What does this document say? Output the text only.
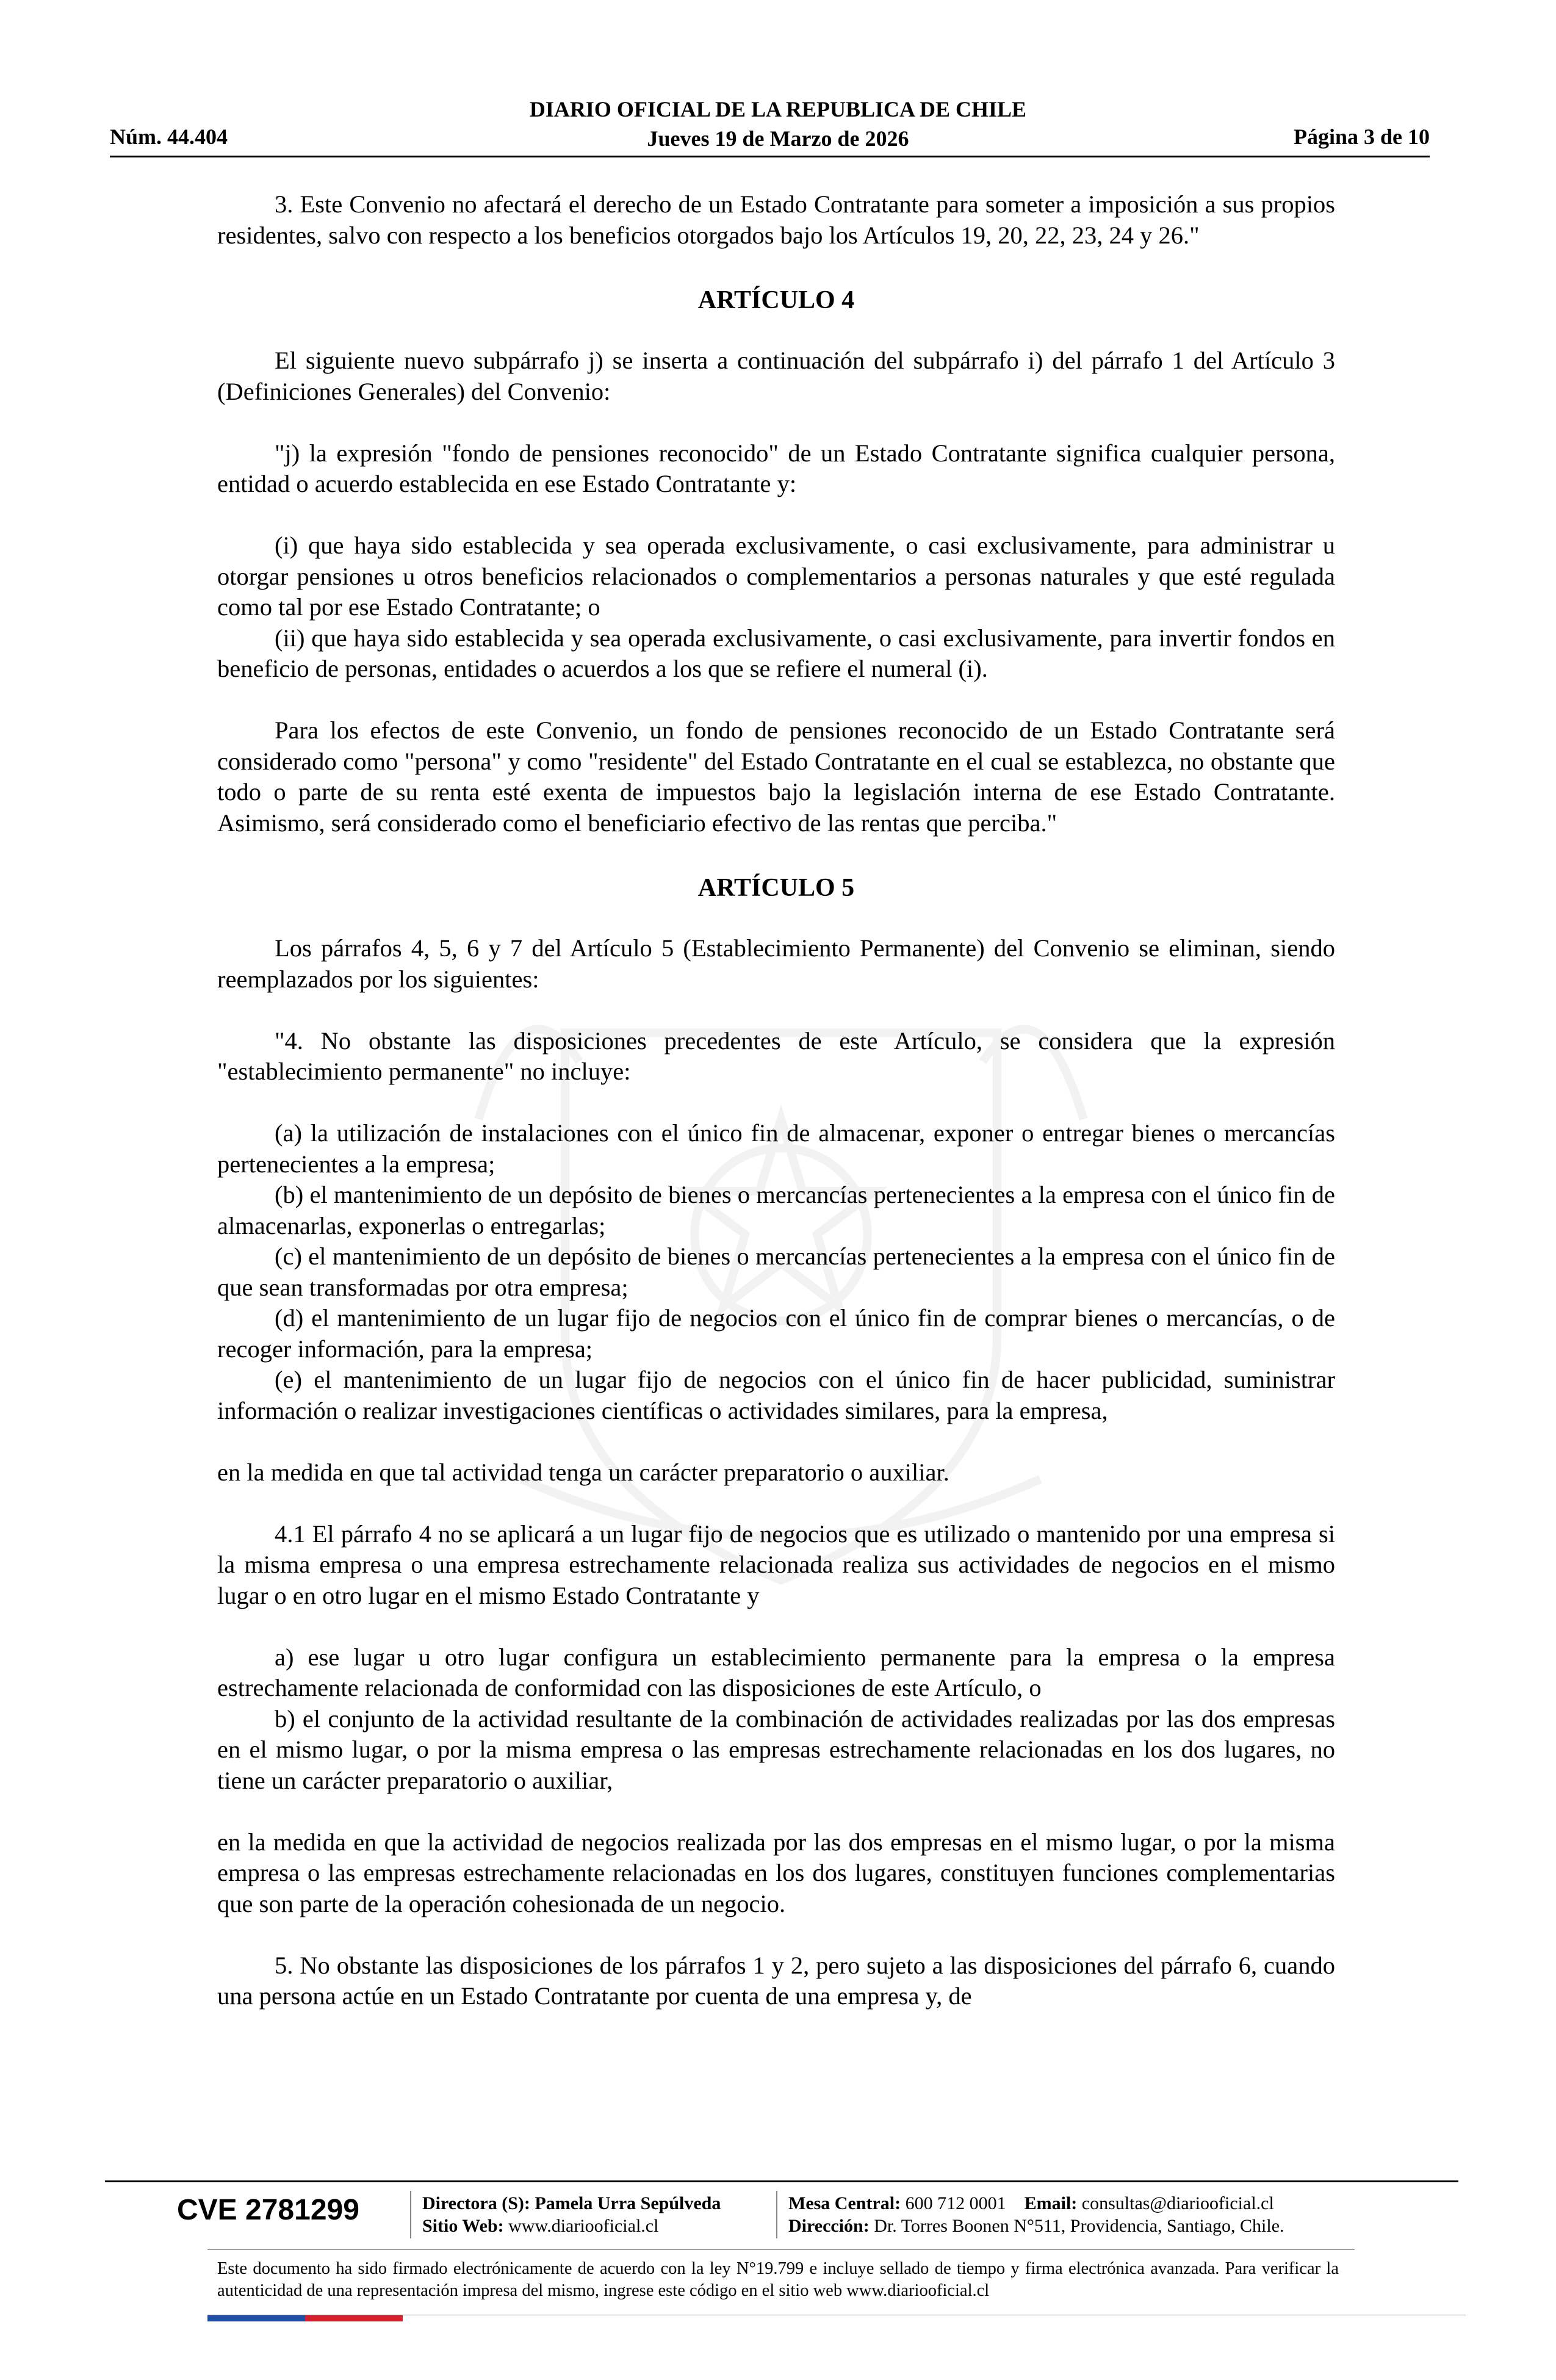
DIARIO OFICIAL DE LA REPUBLICA DE CHILE
Jueves 19 de Marzo de 2026
Núm. 44.404	Página 3 de 10

3. Este Convenio no afectará el derecho de un Estado Contratante para someter a imposición a sus propios residentes, salvo con respecto a los beneficios otorgados bajo los Artículos 19, 20, 22, 23, 24 y 26."

ARTÍCULO 4

El siguiente nuevo subpárrafo j) se inserta a continuación del subpárrafo i) del párrafo 1 del Artículo 3 (Definiciones Generales) del Convenio:

"j) la expresión "fondo de pensiones reconocido" de un Estado Contratante significa cualquier persona, entidad o acuerdo establecida en ese Estado Contratante y:

(i) que haya sido establecida y sea operada exclusivamente, o casi exclusivamente, para administrar u otorgar pensiones u otros beneficios relacionados o complementarios a personas naturales y que esté regulada como tal por ese Estado Contratante; o

(ii) que haya sido establecida y sea operada exclusivamente, o casi exclusivamente, para invertir fondos en beneficio de personas, entidades o acuerdos a los que se refiere el numeral (i).

Para los efectos de este Convenio, un fondo de pensiones reconocido de un Estado Contratante será considerado como "persona" y como "residente" del Estado Contratante en el cual se establezca, no obstante que todo o parte de su renta esté exenta de impuestos bajo la legislación interna de ese Estado Contratante. Asimismo, será considerado como el beneficiario efectivo de las rentas que perciba."

ARTÍCULO 5

Los párrafos 4, 5, 6 y 7 del Artículo 5 (Establecimiento Permanente) del Convenio se eliminan, siendo reemplazados por los siguientes:

"4. No obstante las disposiciones precedentes de este Artículo, se considera que la expresión "establecimiento permanente" no incluye:

(a) la utilización de instalaciones con el único fin de almacenar, exponer o entregar bienes o mercancías pertenecientes a la empresa;

(b) el mantenimiento de un depósito de bienes o mercancías pertenecientes a la empresa con el único fin de almacenarlas, exponerlas o entregarlas;

(c) el mantenimiento de un depósito de bienes o mercancías pertenecientes a la empresa con el único fin de que sean transformadas por otra empresa;

(d) el mantenimiento de un lugar fijo de negocios con el único fin de comprar bienes o mercancías, o de recoger información, para la empresa;

(e) el mantenimiento de un lugar fijo de negocios con el único fin de hacer publicidad, suministrar información o realizar investigaciones científicas o actividades similares, para la empresa,

en la medida en que tal actividad tenga un carácter preparatorio o auxiliar.

4.1 El párrafo 4 no se aplicará a un lugar fijo de negocios que es utilizado o mantenido por una empresa si la misma empresa o una empresa estrechamente relacionada realiza sus actividades de negocios en el mismo lugar o en otro lugar en el mismo Estado Contratante y

a) ese lugar u otro lugar configura un establecimiento permanente para la empresa o la empresa estrechamente relacionada de conformidad con las disposiciones de este Artículo, o

b) el conjunto de la actividad resultante de la combinación de actividades realizadas por las dos empresas en el mismo lugar, o por la misma empresa o las empresas estrechamente relacionadas en los dos lugares, no tiene un carácter preparatorio o auxiliar,

en la medida en que la actividad de negocios realizada por las dos empresas en el mismo lugar, o por la misma empresa o las empresas estrechamente relacionadas en los dos lugares, constituyen funciones complementarias que son parte de la operación cohesionada de un negocio.

5. No obstante las disposiciones de los párrafos 1 y 2, pero sujeto a las disposiciones del párrafo 6, cuando una persona actúe en un Estado Contratante por cuenta de una empresa y, de

CVE 2781299	Directora (S): Pamela Urra Sepúlveda
Sitio Web: www.diariooficial.cl
Mesa Central: 600 712 0001 Email: consultas@diariooficial.cl
Dirección: Dr. Torres Boonen N°511, Providencia, Santiago, Chile.
Este documento ha sido firmado electrónicamente de acuerdo con la ley N°19.799 e incluye sellado de tiempo y firma electrónica avanzada. Para verificar la autenticidad de una representación impresa del mismo, ingrese este código en el sitio web www.diariooficial.cl
